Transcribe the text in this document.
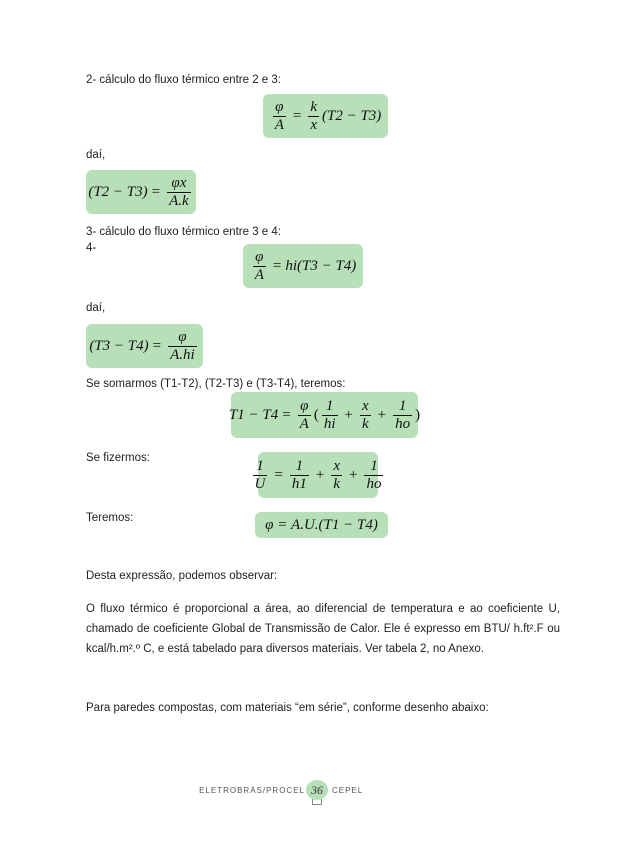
2- cálculo do fluxo térmico entre 2 e 3:
$\frac{\varphi}{A} = \frac{k}{x} (T2 - T3)$
daí,
$(T2 - T3) = \frac{\varphi x}{A.k}$
3- cálculo do fluxo térmico entre 3 e 4:
4-
$\frac{\varphi}{A} = hi(T3 - T4)$
daí,
$(T3 - T4) = \frac{\varphi}{A.hi}$
Se somarmos (T1-T2), (T2-T3) e (T3-T4), teremos:
$T1 - T4 = \frac{\varphi}{A}$ ( $\frac{1}{hi} + \frac{x}{k} + \frac{1}{ho}$ )
Se fizermos:	$\frac{1}{U} = \frac{1}{h1} + \frac{x}{k} + \frac{1}{ho}$
Teremos:	φ = A.U.(T1 − T4)

Desta expressão, podemos observar:

O fluxo térmico é proporcional a área, ao diferencial de temperatura e ao coeficiente U, chamado de coeficiente Global de Transmissão de Calor. Ele é expresso em BTU/ h.ft².F ou kcal/h.m².º C, e está tabelado para diversos materiais. Ver tabela 2, no Anexo.

Para paredes compostas, com materiais “em série”, conforme desenho abaixo:

ELETROBRÁS/PROCEL 36	CEPEL
